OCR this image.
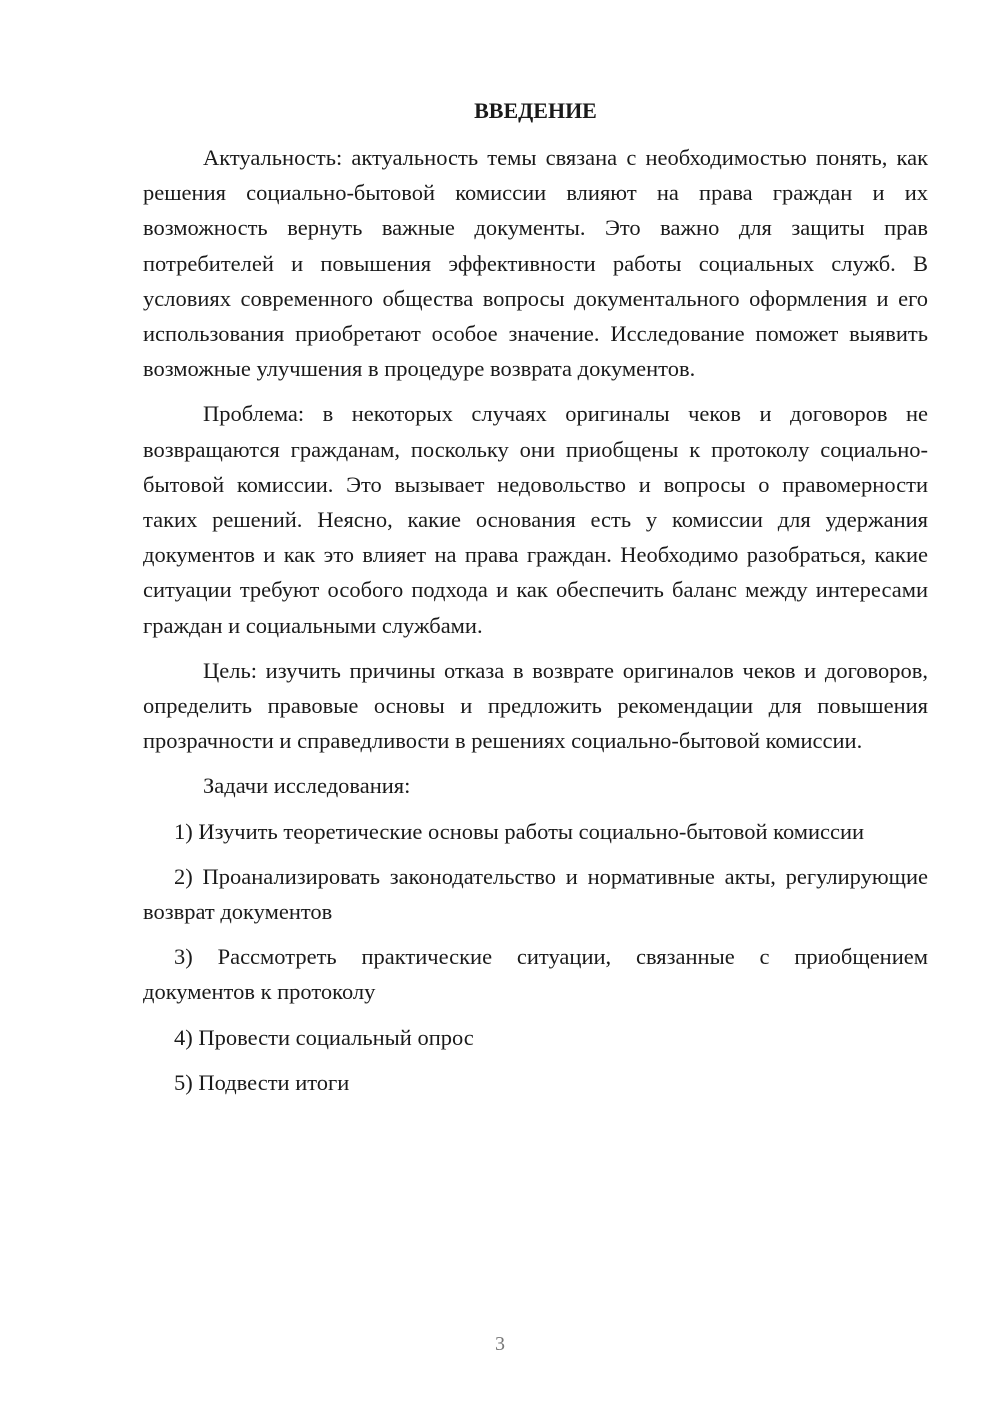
ВВЕДЕНИЕ

Актуальность: актуальность темы связана с необходимостью понять, как решения социально-бытовой комиссии влияют на права граждан и их возможность вернуть важные документы. Это важно для защиты прав потребителей и повышения эффективности работы социальных служб. В условиях современного общества вопросы документального оформления и его использования приобретают особое значение. Исследование поможет выявить возможные улучшения в процедуре возврата документов.

Проблема: в некоторых случаях оригиналы чеков и договоров не возвращаются гражданам, поскольку они приобщены к протоколу социально-бытовой комиссии. Это вызывает недовольство и вопросы о правомерности таких решений. Неясно, какие основания есть у комиссии для удержания документов и как это влияет на права граждан. Необходимо разобраться, какие ситуации требуют особого подхода и как обеспечить баланс между интересами граждан и социальными службами.

Цель: изучить причины отказа в возврате оригиналов чеков и договоров, определить правовые основы и предложить рекомендации для повышения прозрачности и справедливости в решениях социально-бытовой комиссии.

Задачи исследования:

1) Изучить теоретические основы работы социально-бытовой комиссии

2) Проанализировать законодательство и нормативные акты, регулирующие возврат документов

3) Рассмотреть практические ситуации, связанные с приобщением документов к протоколу

4) Провести социальный опрос

5) Подвести итоги

3
